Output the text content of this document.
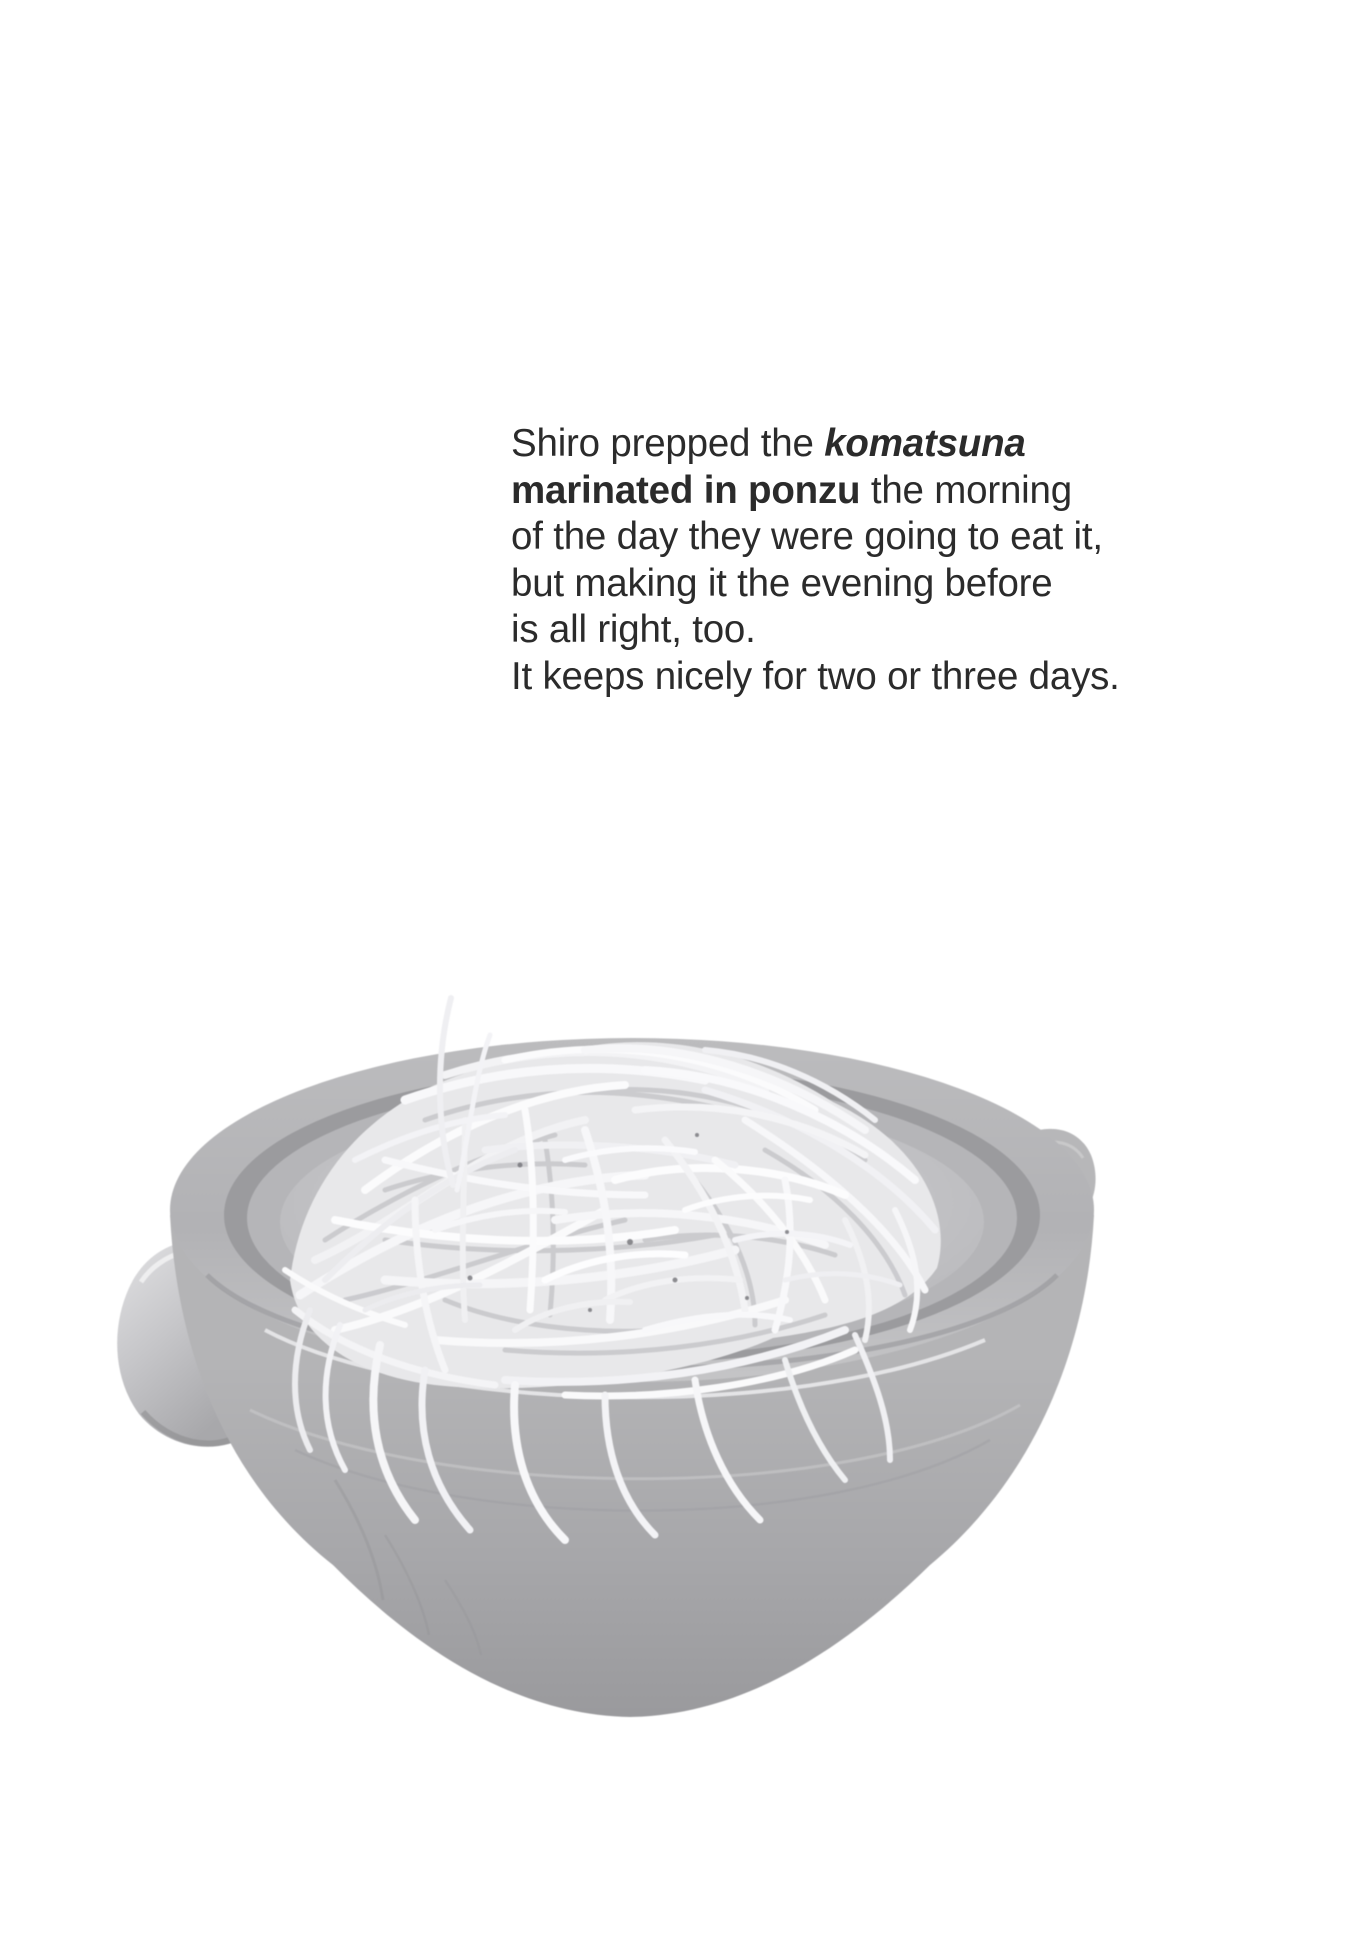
Shiro prepped the komatsuna

marinated in ponzu the morning

of the day they were going to eat it,

but making it the evening before

is all right, too.

It keeps nicely for two or three days.
